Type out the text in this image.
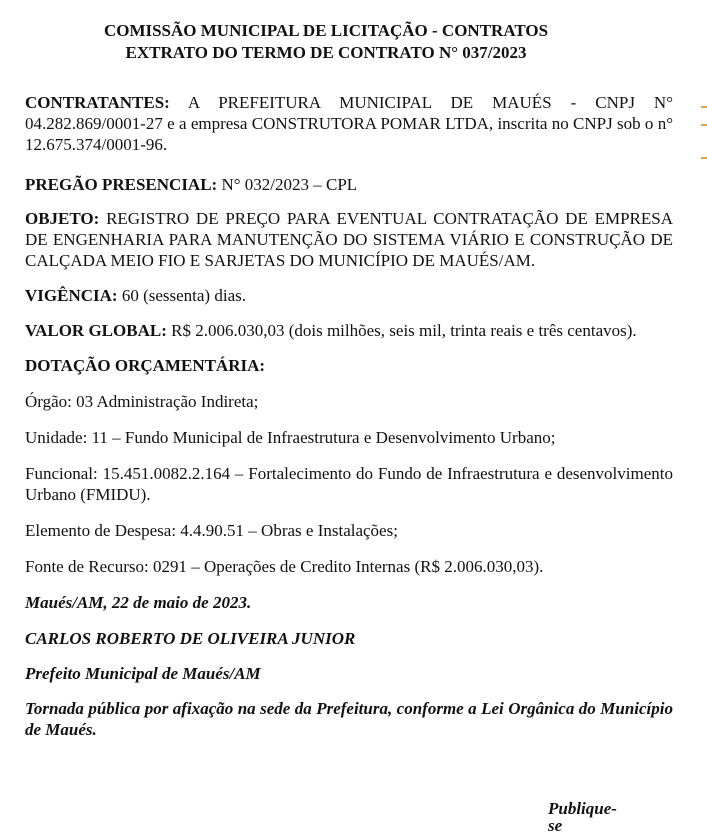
COMISSÃO MUNICIPAL DE LICITAÇÃO - CONTRATOS
EXTRATO DO TERMO DE CONTRATO N° 037/2023

CONTRATANTES: A PREFEITURA MUNICIPAL DE MAUÉS - CNPJ N° 04.282.869/0001-27 e a empresa CONSTRUTORA POMAR LTDA, inscrita no CNPJ sob o n° 12.675.374/0001-96.

PREGÃO PRESENCIAL: N° 032/2023 – CPL

OBJETO: REGISTRO DE PREÇO PARA EVENTUAL CONTRATAÇÃO DE EMPRESA DE ENGENHARIA PARA MANUTENÇÃO DO SISTEMA VIÁRIO E CONSTRUÇÃO DE CALÇADA MEIO FIO E SARJETAS DO MUNICÍPIO DE MAUÉS/AM.

VIGÊNCIA: 60 (sessenta) dias.

VALOR GLOBAL: R$ 2.006.030,03 (dois milhões, seis mil, trinta reais e três centavos).

DOTAÇÃO ORÇAMENTÁRIA:

Órgão: 03 Administração Indireta;

Unidade: 11 – Fundo Municipal de Infraestrutura e Desenvolvimento Urbano;

Funcional: 15.451.0082.2.164 – Fortalecimento do Fundo de Infraestrutura e desenvolvimento Urbano (FMIDU).

Elemento de Despesa: 4.4.90.51 – Obras e Instalações;

Fonte de Recurso: 0291 – Operações de Credito Internas (R$ 2.006.030,03).

Maués/AM, 22 de maio de 2023.

CARLOS ROBERTO DE OLIVEIRA JUNIOR

Prefeito Municipal de Maués/AM

Tornada pública por afixação na sede da Prefeitura, conforme a Lei Orgânica do Município de Maués.

Publique-se
